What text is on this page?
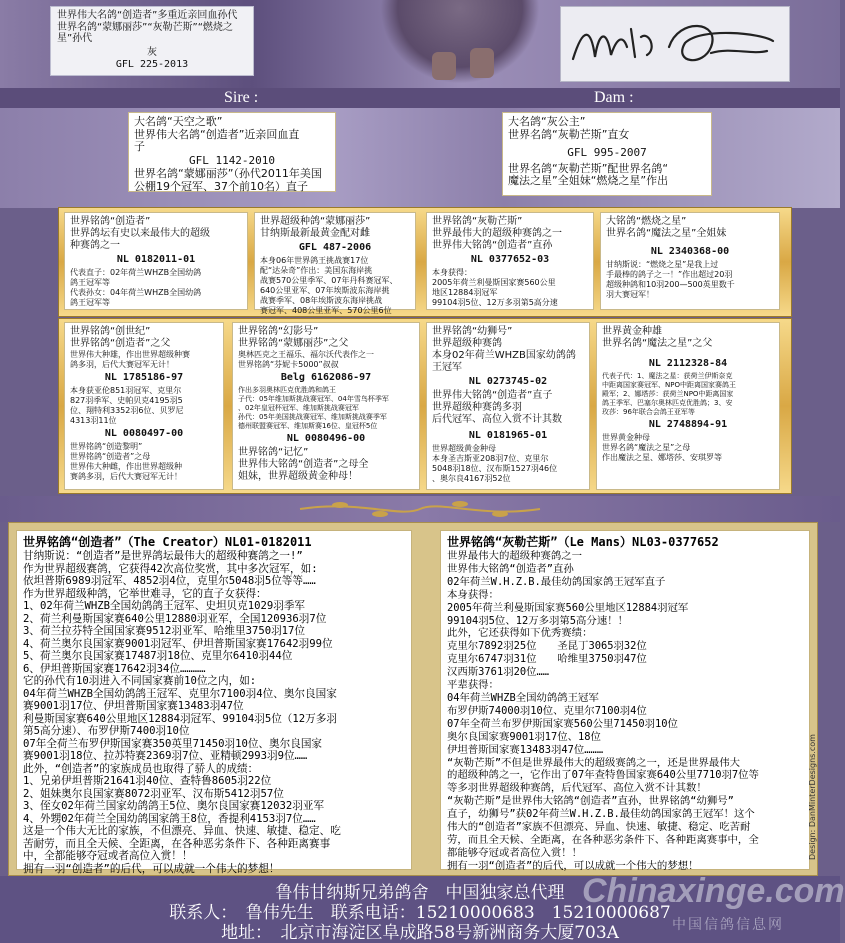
世界伟大名鸽“创造者”多重近亲回血孙代
世界名鸽“蒙娜丽莎”“灰勒芒斯”“燃烧之
星”孙代
灰
GFL 225-2013
Sire :	Dam :
大名鸽“天空之歌”
世界伟大名鸽“创造者”近亲回血直
子
GFL 1142-2010
世界名鸽“蒙娜丽莎”（孙代2011年美国
公棚19个冠军、37个前10名）直子
大名鸽“灰公主”
世界名鸽“灰勒芒斯”直女
GFL 995-2007
世界名鸽“灰勒芒斯”配世界名鸽“
魔法之星”全姐妹“燃烧之星”作出
世界铭鸽“创造者”
世界鸽坛有史以来最伟大的超级
种赛鸽之一
NL 0182011-01
代表直子：02年荷兰WHZB全国幼鸽
鸽王冠军等
代表孙女：04年荷兰WHZB全国幼鸽
鸽王冠军等
世界超级种鸽“蒙娜丽莎”
甘纳斯最新最黄金配对雌
GFL 487-2006
本身06年世界鸽王挑战赛17位
配“达朵奇”作出：美国东海岸挑
战赛570公里季军、07年丹科赛冠军、
640公里亚军、07年埃斯波东海岸挑
战赛季军、08年埃斯波东海岸挑战
赛冠军、408公里亚军、570公里6位
世界铭鸽“灰勒芒斯”
世界最伟大的超级种赛鸽之一
世界伟大铭鸽“创造者”直孙
NL 0377652-03
本身获得：
2005年荷兰利曼斯国家赛560公里
地区12884羽冠军
99104羽5位、12万多羽第5高分速
大铭鸽“燃烧之星”
世界名鸽“魔法之星”全姐妹
NL 2340368-00
甘纳斯说：“燃烧之星”是我上过
手最棒的鸽子之一！”作出超过20羽
超级种鸽和10羽200—500英里数千
羽大赛冠军！
世界铭鸽“创世纪”
世界铭鸽“创造者”之父
世界伟大种雄，作出世界超级种赛
鸽多羽，后代大赛冠军无计！
NL 1785186-97
本身获亚伦851羽冠军、克里尔
827羽季军、史帕贝克4195羽5
位、翔特利3352羽6位、贝罗尼
4313羽11位
NL 0080497-00
世界铭鸽“创造黎明”
世界铭鸽“创造者”之母
世界伟大种雌，作出世界超级种
赛鸽多羽，后代大赛冠军无计！
世界铭鸽“幻影号”
世界铭鸽“蒙娜丽莎”之父
奥林匹克之王福乐、福尔沃代表作之一
世界铭鸽“芬妮卡5000”叔叔
Belg 6162086-97
作出多羽奥林匹克优胜鸽和鸽王
子代：05年维加斯挑战赛冠军、04年雪鸟杯季军
、02年皇冠杯冠军、维加斯挑战赛冠军
孙代：05年美国挑战赛冠军、维加斯挑战赛季军
德州联盟赛冠军、维加斯赛16位、皇冠杯5位
NL 0080496-00
世界铭鸽“记忆”
世界伟大铭鸽“创造者”之母全
姐妹，世界超级黄金种母！
世界铭鸽“幼狮号”
世界超级种赛鸽
本身02年荷兰WHZB国家幼鸽鸽
王冠军
NL 0273745-02
世界伟大铭鸽“创造者”直子
世界超级种赛鸽多羽
后代冠军、高位入赏不计其数
NL 0181965-01
世界超级黄金种母
本身圣吉斯亚208羽7位、克里尔
5048羽18位、汉布斯1527羽46位
、奥尔良4167羽52位
世界黄金种雄
世界名鸽“魔法之星”之父
NL 2112328-84
代表子代：1、魔法之星：获荷兰伊斯奈克
中距离国家赛冠军、NPO中距离国家赛鸽王
殿军；2、娜塔莎：获荷兰NPO中距离国家
鸽王季军、巴塞尔奥林匹克优胜鸽；3、安
玫莎：96年联合会鸽王亚军等
NL 2748894-91
世界黄金种母
世界名鸽“魔法之星”之母
作出魔法之星、娜塔莎、安琪罗等
世界铭鸽“创造者”（The Creator）NL01-0182011
甘纳斯说：“创造者”是世界鸽坛最伟大的超级种赛鸽之一!”
作为世界超级赛鸽，它获得42次高位奖赏，其中多次冠军，如:
依坦普斯6989羽冠军、4852羽4位，克里尔5048羽5位等等……
作为世界超级种鸽，它举世难寻，它的直子女获得：
1、02年荷兰WHZB全国幼鸽鸽王冠军、史坦贝克1029羽季军
2、荷兰利曼斯国家赛640公里12880羽亚军，全国120936羽7位
3、荷兰拉芬特全国国家赛9512羽亚军、哈维里3750羽17位
4、荷兰奥尔良国家赛9001羽冠军、伊坦普斯国家赛17642羽99位
5、荷兰奥尔良国家赛17487羽18位、克里尔6410羽44位
6、伊坦普斯国家赛17642羽34位…………
它的孙代有10羽进入不同国家赛前10位之内，如:
04年荷兰WHZB全国幼鸽鸽王冠军、克里尔7100羽4位、奥尔良国家
赛9001羽17位、伊坦普斯国家赛13483羽47位
利曼斯国家赛640公里地区12884羽冠军、99104羽5位（12万多羽
第5高分速）、布罗伊斯7400羽10位
07年全荷兰布罗伊斯国家赛350英里71450羽10位、奥尔良国家
赛9001羽18位、拉苏特赛2369羽7位、亚精顿2993羽9位……
此外，“创造者”的家族成员也取得了骄人的成绩：
1、兄弟伊坦普斯21641羽40位、查特鲁8605羽22位
2、姐妹奥尔良国家赛8072羽亚军、汉布斯5412羽57位
3、侄女02年荷兰国家幼鸽鸽王5位、奥尔良国家赛12032羽亚军
4、外甥02年荷兰全国幼鸽国家鸽王8位，香提利4153羽7位……
这是一个伟大无比的家族，不但漂亮、异血、快速、敏捷、稳定、吃
苦耐劳，而且全天候、全距离，在各种恶劣条件下、各种距离赛事
中，全都能够夺冠或者高位入赏！！
拥有一羽“创造者”的后代，可以成就一个伟大的梦想！
世界铭鸽“灰勒芒斯”（Le Mans）NL03-0377652
世界最伟大的超级种赛鸽之一
世界伟大铭鸽“创造者”直孙
02年荷兰W.H.Z.B.最佳幼鸽国家鸽王冠军直子
本身获得：
2005年荷兰利曼斯国家赛560公里地区12884羽冠军
99104羽5位、12万多羽第5高分速！！
此外，它还获得如下优秀赛绩：
克里尔7892羽25位　　圣昆丁3065羽32位
克里尔6747羽31位　　哈维里3750羽47位
汉西斯3761羽20位……
平辈获得：
04年荷兰WHZB全国幼鸽鸽王冠军
布罗伊斯74000羽10位、克里尔7100羽4位
07年全荷兰布罗伊斯国家赛560公里71450羽10位
奥尔良国家赛9001羽17位、18位
伊坦普斯国家赛13483羽47位………
“灰勒芒斯”不但是世界最伟大的超级赛鸽之一，还是世界最伟大
的超级种鸽之一，它作出了07年查特鲁国家赛640公里7710羽7位等
等多羽世界超级种赛鸽，后代冠军、高位入赏不计其数！
“灰勒芒斯”是世界伟大铭鸽“创造者”直孙，世界铭鸽“幼狮号”
直子，幼狮号”获02年荷兰W.H.Z.B.最佳幼鸽国家鸽王冠军！这个
伟大的“创造者”家族不但漂亮、异血、快速、敏捷、稳定、吃苦耐
劳，而且全天候、全距离，在各种恶劣条件下、各种距离赛事中，全
都能够夺冠或者高位入赏！！
拥有一羽“创造者”的后代，可以成就一个伟大的梦想！
Design: DanMinterDesigns.com
鲁伟甘纳斯兄弟鸽舍　中国独家总代理
联系人：　鲁伟先生　联系电话：15210000683　15210000687
地址：　北京市海淀区阜成路58号新洲商务大厦703A
Chinaxinge.com
中国信鸽信息网
